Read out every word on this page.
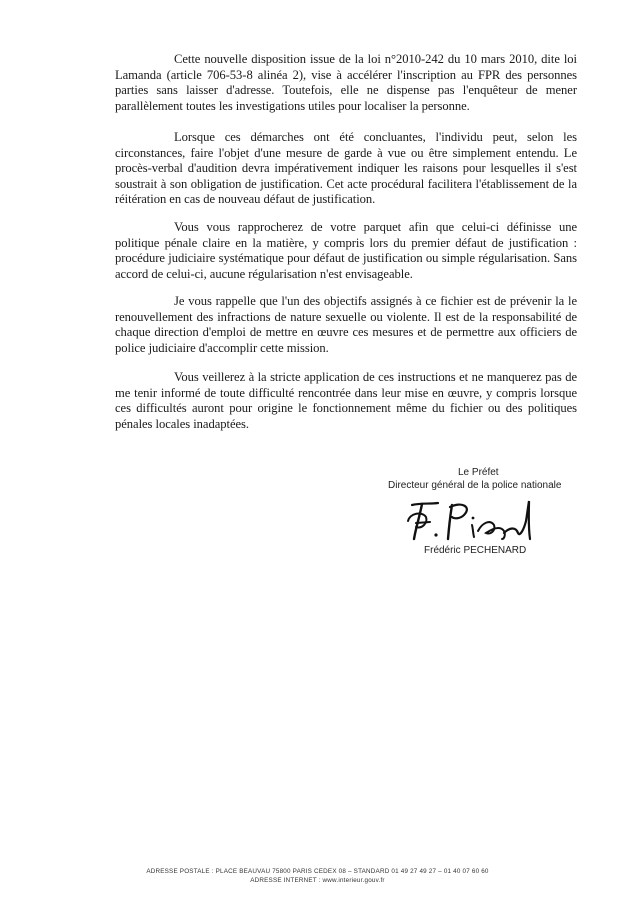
Cette nouvelle disposition issue de la loi n°2010-242 du 10 mars 2010, dite loi Lamanda (article 706-53-8 alinéa 2), vise à accélérer l'inscription au FPR des personnes parties sans laisser d'adresse. Toutefois, elle ne dispense pas l'enquêteur de mener parallèlement toutes les investigations utiles pour localiser la personne.

Lorsque ces démarches ont été concluantes, l'individu peut, selon les circonstances, faire l'objet d'une mesure de garde à vue ou être simplement entendu. Le procès-verbal d'audition devra impérativement indiquer les raisons pour lesquelles il s'est soustrait à son obligation de justification. Cet acte procédural facilitera l'établissement de la réitération en cas de nouveau défaut de justification.

Vous vous rapprocherez de votre parquet afin que celui-ci définisse une politique pénale claire en la matière, y compris lors du premier défaut de justification : procédure judiciaire systématique pour défaut de justification ou simple régularisation. Sans accord de celui-ci, aucune régularisation n'est envisageable.

Je vous rappelle que l'un des objectifs assignés à ce fichier est de prévenir la le renouvellement des infractions de nature sexuelle ou violente. Il est de la responsabilité de chaque direction d'emploi de mettre en œuvre ces mesures et de permettre aux officiers de police judiciaire d'accomplir cette mission.

Vous veillerez à la stricte application de ces instructions et ne manquerez pas de me tenir informé de toute difficulté rencontrée dans leur mise en œuvre, y compris lorsque ces difficultés auront pour origine le fonctionnement même du fichier ou des politiques pénales locales inadaptées.

Le Préfet
Directeur général de la police nationale
Frédéric PECHENARD
ADRESSE POSTALE : PLACE BEAUVAU 75800 PARIS CEDEX 08 – STANDARD 01 49 27 49 27 – 01 40 07 60 60
ADRESSE INTERNET : www.interieur.gouv.fr
